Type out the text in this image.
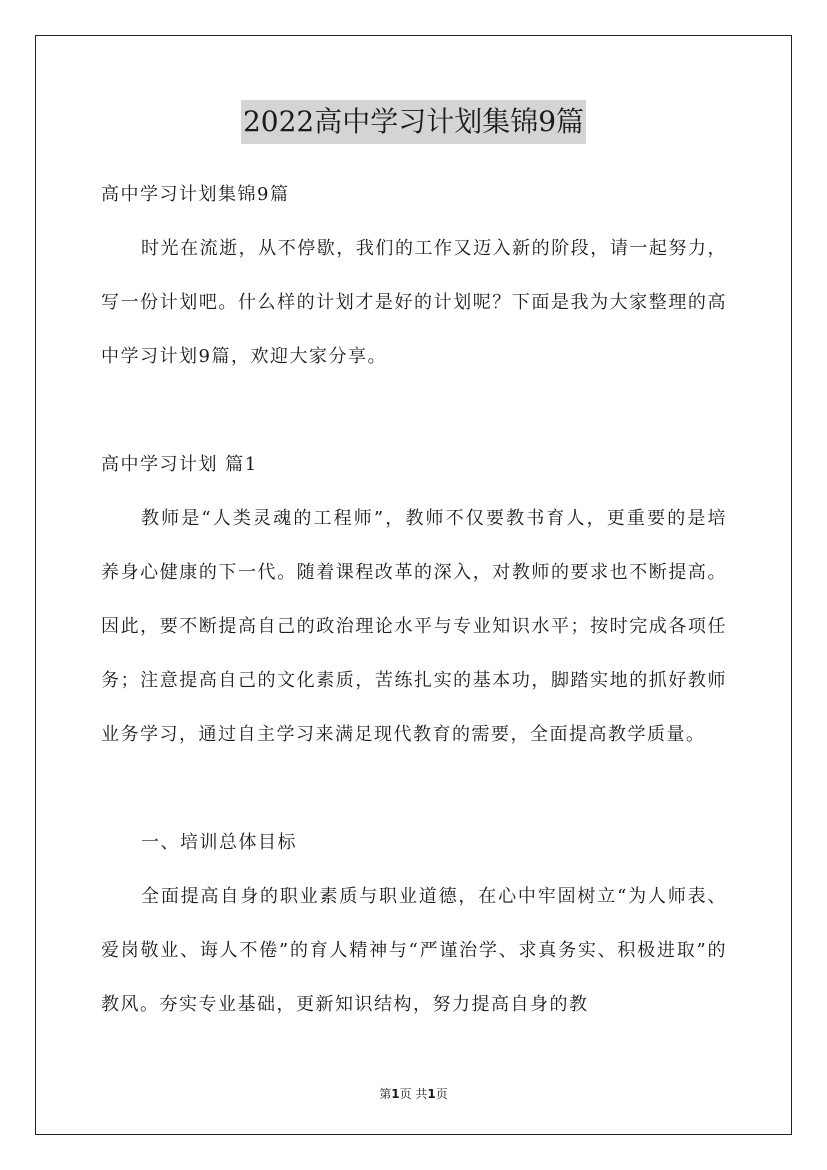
2022高中学习计划集锦9篇

高中学习计划集锦9篇

时光在流逝，从不停歇，我们的工作又迈入新的阶段，请一起努力，写一份计划吧。什么样的计划才是好的计划呢？下面是我为大家整理的高中学习计划9篇，欢迎大家分享。

高中学习计划 篇1

教师是“人类灵魂的工程师”，教师不仅要教书育人，更重要的是培养身心健康的下一代。随着课程改革的深入，对教师的要求也不断提高。因此，要不断提高自己的政治理论水平与专业知识水平；按时完成各项任务；注意提高自己的文化素质，苦练扎实的基本功，脚踏实地的抓好教师业务学习，通过自主学习来满足现代教育的需要，全面提高教学质量。

一、培训总体目标

全面提高自身的职业素质与职业道德，在心中牢固树立“为人师表、爱岗敬业、诲人不倦”的育人精神与“严谨治学、求真务实、积极进取”的教风。夯实专业基础，更新知识结构，努力提高自身的教

第1页 共1页
